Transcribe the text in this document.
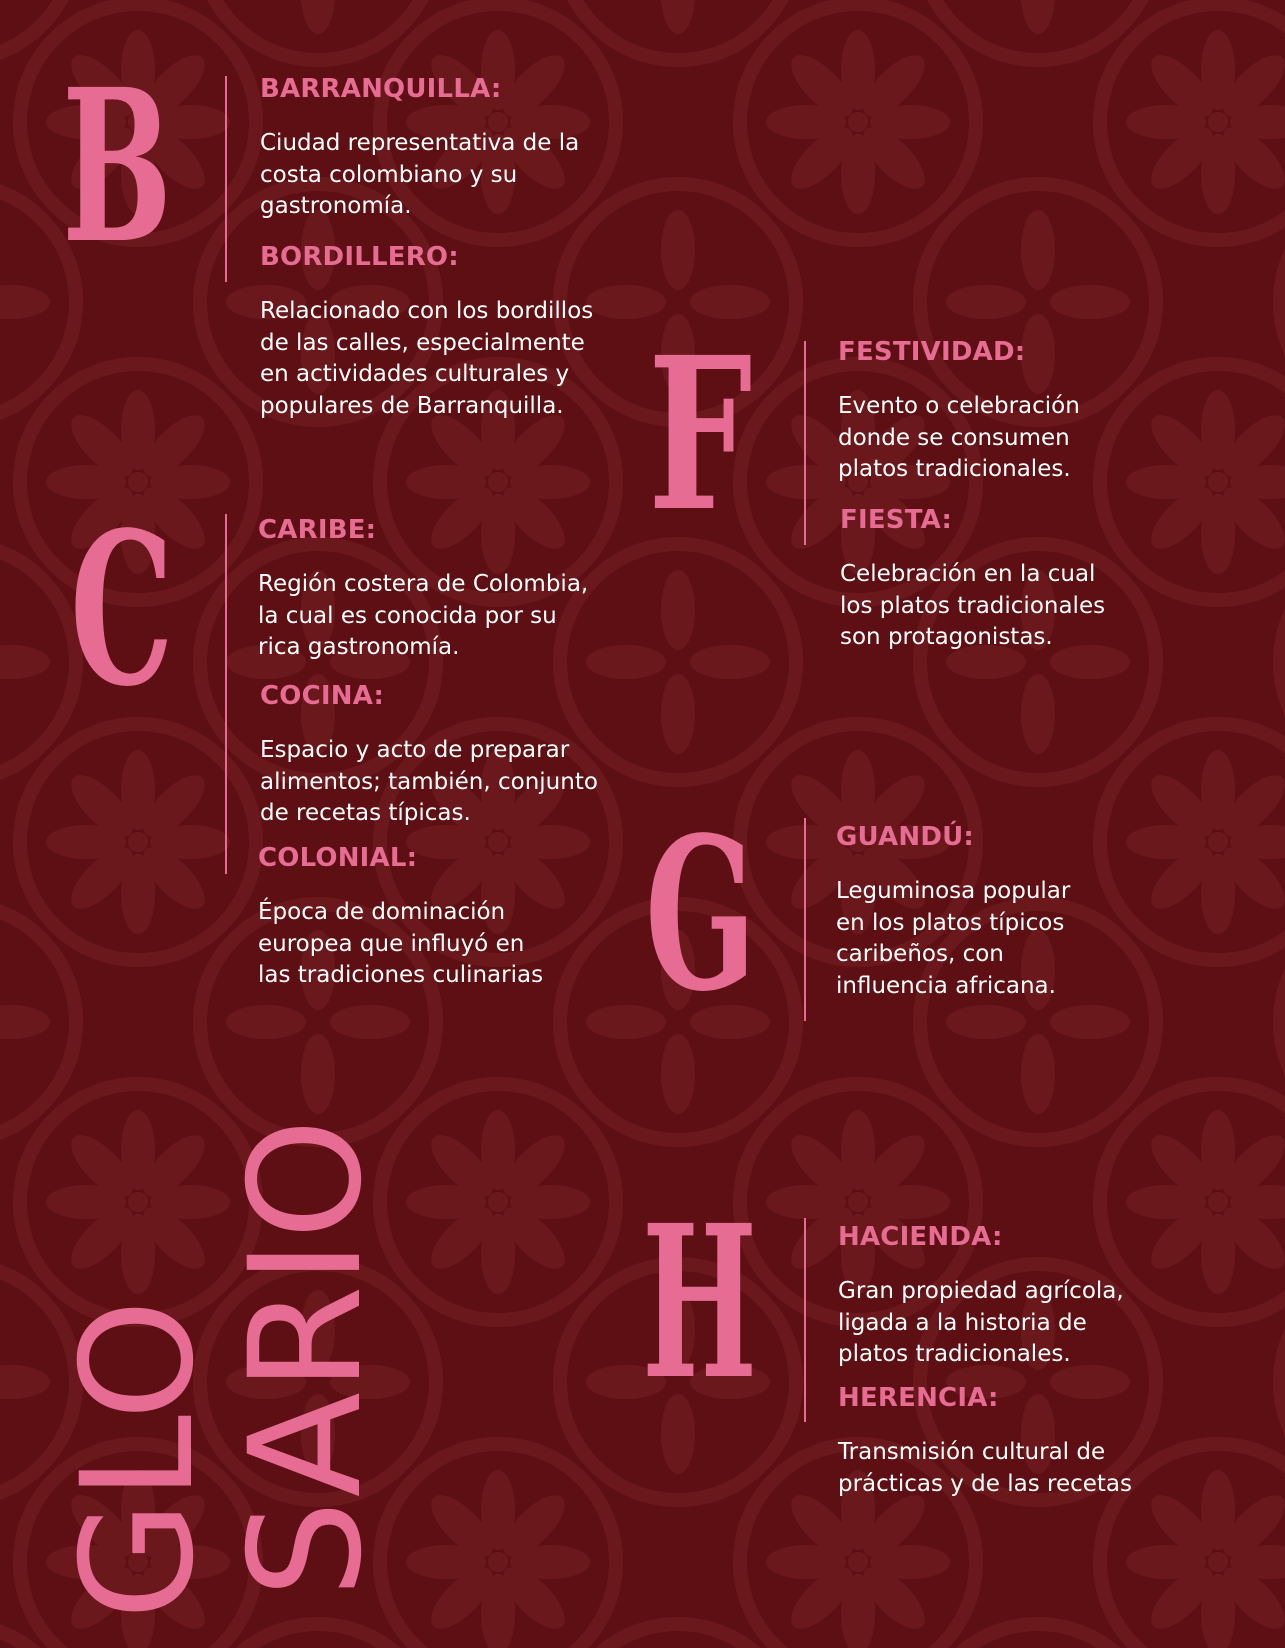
B	BARRANQUILLA:
Ciudad representativa de la
costa colombiano y su
gastronomía.
BORDILLERO:
Relacionado con los bordillos
de las calles, especialmente
en actividades culturales y
populares de Barranquilla.
C	CARIBE:
Región costera de Colombia,
la cual es conocida por su
rica gastronomía.
COCINA:
Espacio y acto de preparar
alimentos; también, conjunto
de recetas típicas.
COLONIAL:
Época de dominación
europea que influyó en
las tradiciones culinarias
F	FESTIVIDAD:
Evento o celebración
donde se consumen
platos tradicionales.
FIESTA:
Celebración en la cual
los platos tradicionales
son protagonistas.
G	GUANDÚ:
Leguminosa popular
en los platos típicos
caribeños, con
influencia africana.
H	HACIENDA:
Gran propiedad agrícola,
ligada a la historia de
platos tradicionales.
HERENCIA:
Transmisión cultural de
prácticas y de las recetas
GLO
SARIO
